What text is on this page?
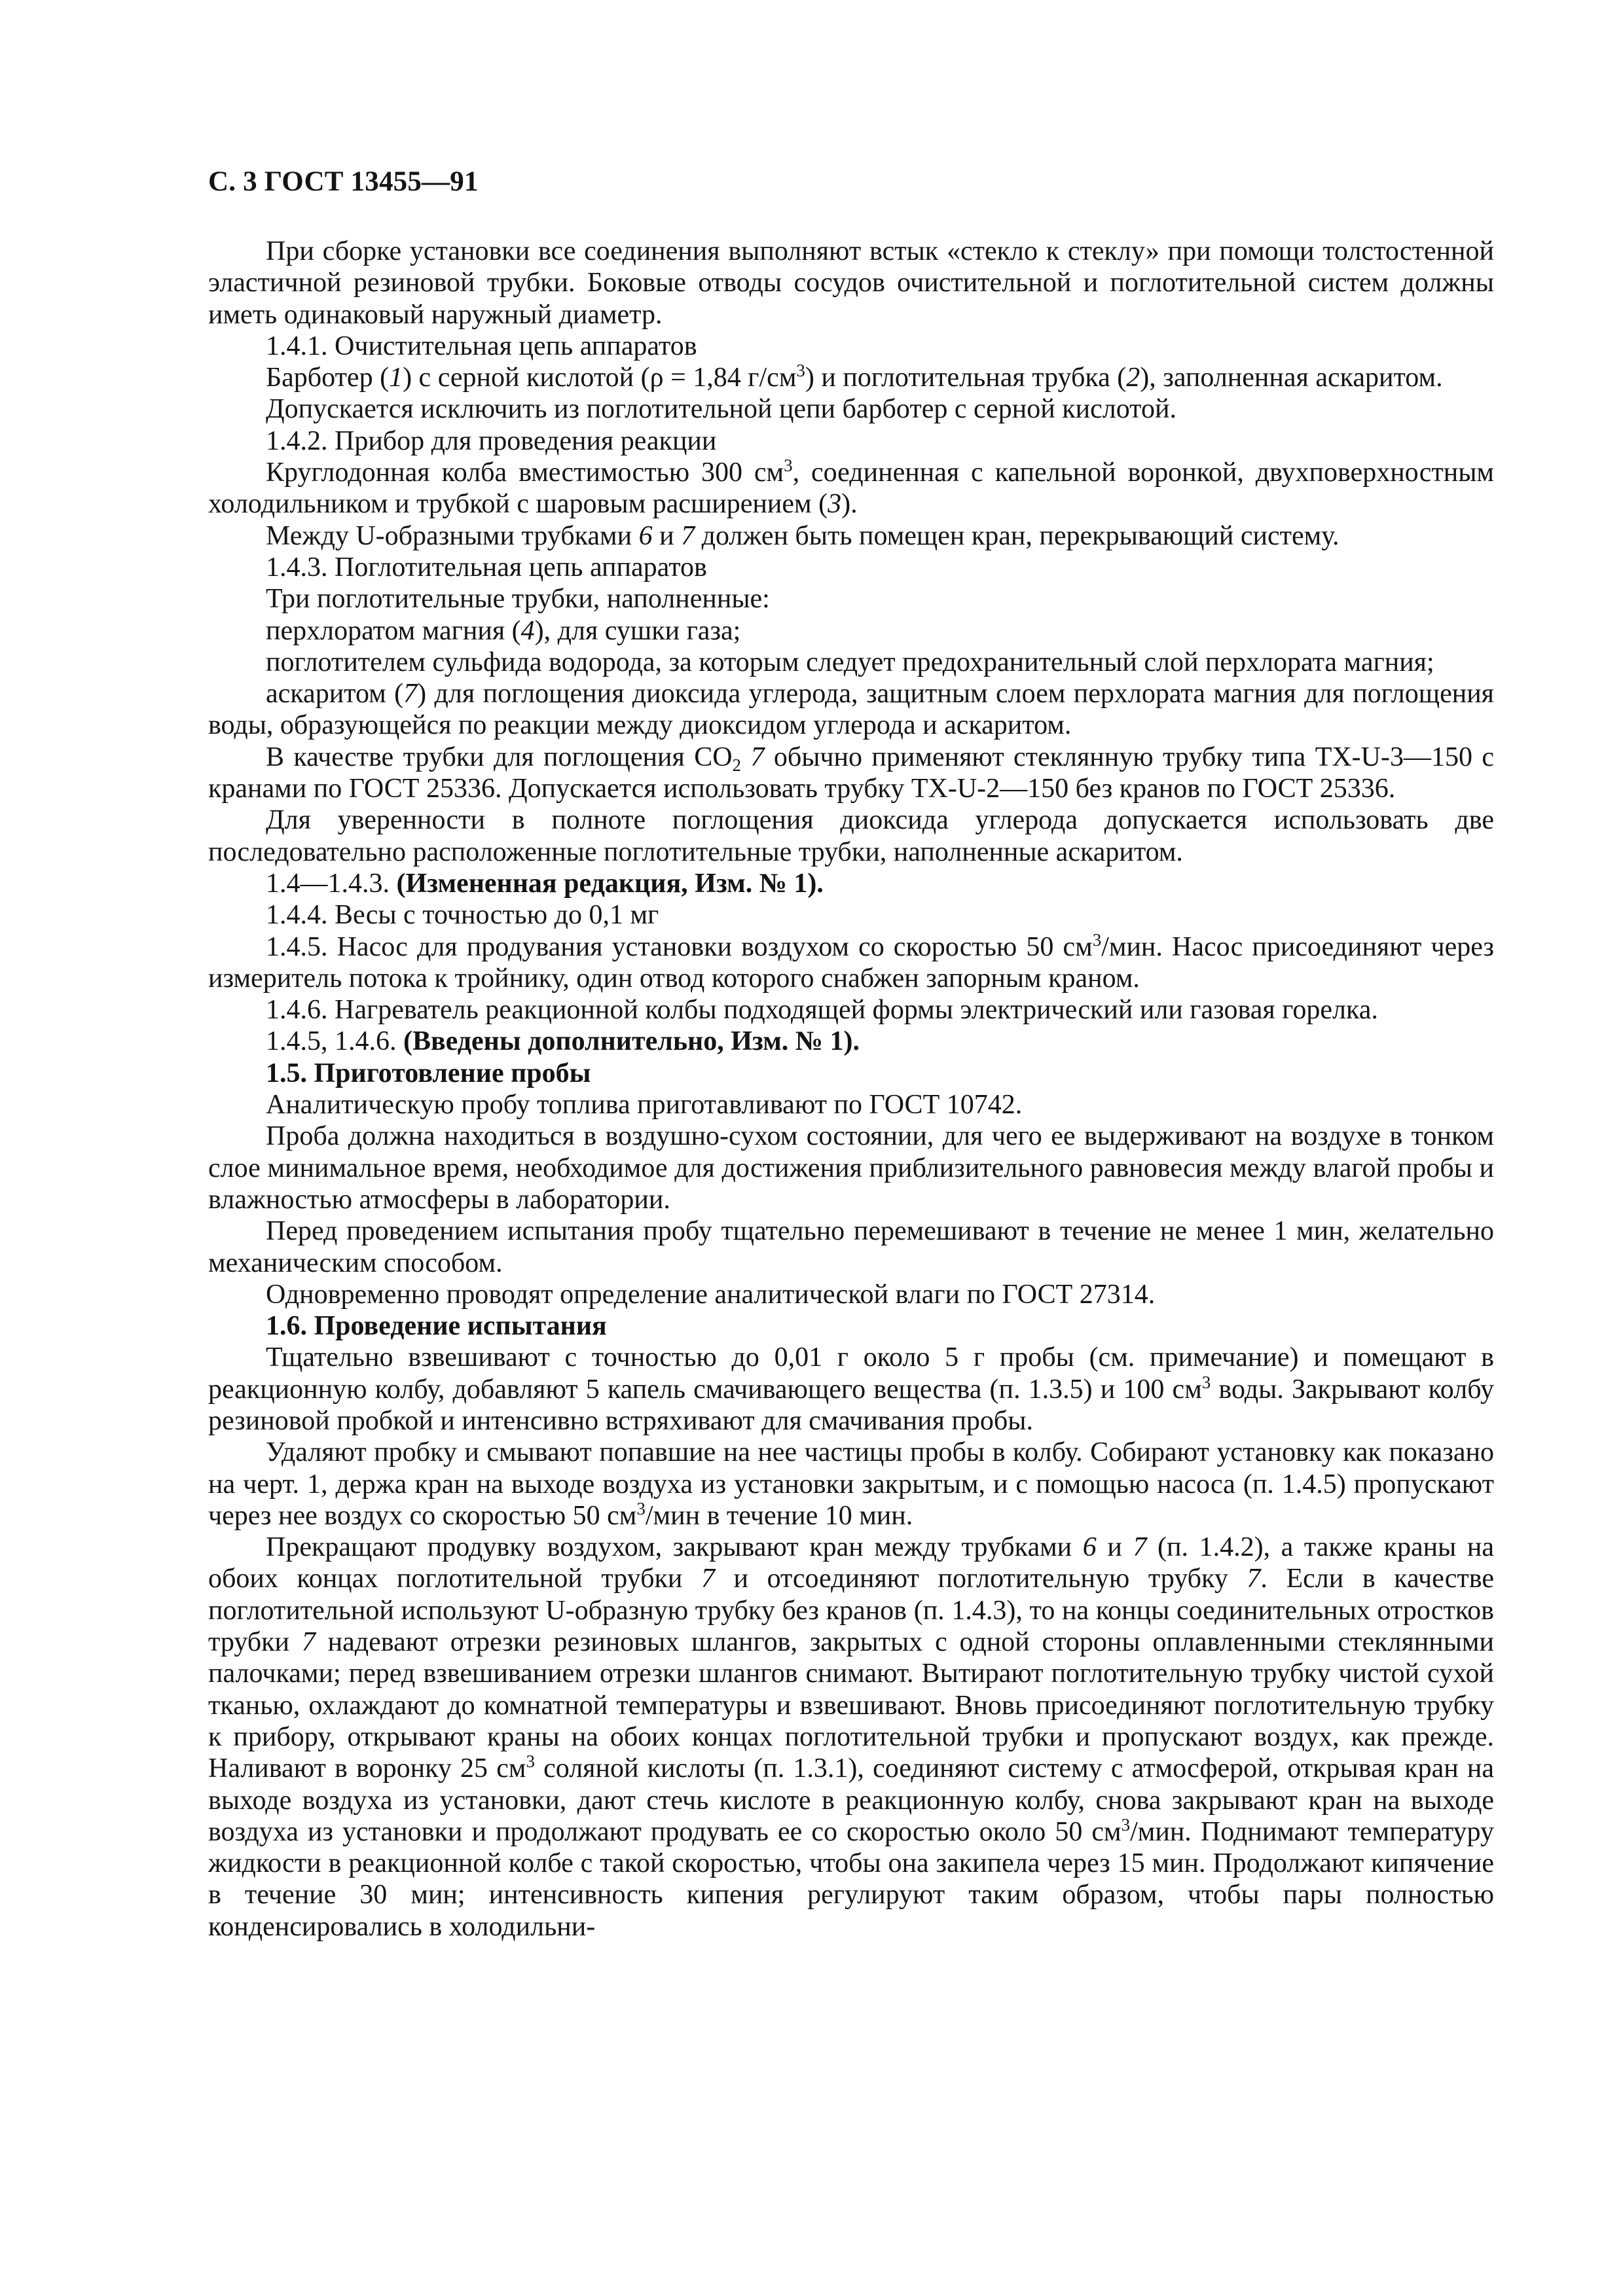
С. 3 ГОСТ 13455—91

При сборке установки все соединения выполняют встык «стекло к стеклу» при помощи толстостенной эластичной резиновой трубки. Боковые отводы сосудов очистительной и поглотительной систем должны иметь одинаковый наружный диаметр.

1.4.1. Очистительная цепь аппаратов

Барботер (1) с серной кислотой (ρ = 1,84 $г/см^3$) и поглотительная трубка (2), заполненная аскаритом.

Допускается исключить из поглотительной цепи барботер с серной кислотой.

1.4.2. Прибор для проведения реакции

Круглодонная колба вместимостью 300 $см^3$, соединенная с капельной воронкой, двухповерхностным холодильником и трубкой с шаровым расширением (3).

Между U-образными трубками 6 и 7 должен быть помещен кран, перекрывающий систему.

1.4.3. Поглотительная цепь аппаратов

Три поглотительные трубки, наполненные:

перхлоратом магния (4), для сушки газа;

поглотителем сульфида водорода, за которым следует предохранительный слой перхлората магния;

аскаритом (7) для поглощения диоксида углерода, защитным слоем перхлората магния для поглощения воды, образующейся по реакции между диоксидом углерода и аскаритом.

В качестве трубки для поглощения $CO_2$ 7 обычно применяют стеклянную трубку типа ТХ-U-3—150 с кранами по ГОСТ 25336. Допускается использовать трубку ТХ-U-2—150 без кранов по ГОСТ 25336.

Для уверенности в полноте поглощения диоксида углерода допускается использовать две последовательно расположенные поглотительные трубки, наполненные аскаритом.

1.4—1.4.3. (Измененная редакция, Изм. № 1).

1.4.4. Весы с точностью до 0,1 мг

1.4.5. Насос для продувания установки воздухом со скоростью 50 $см^3$/мин. Насос присоединяют через измеритель потока к тройнику, один отвод которого снабжен запорным краном.

1.4.6. Нагреватель реакционной колбы подходящей формы электрический или газовая горелка.

1.4.5, 1.4.6. (Введены дополнительно, Изм. № 1).

1.5. Приготовление пробы

Аналитическую пробу топлива приготавливают по ГОСТ 10742.

Проба должна находиться в воздушно-сухом состоянии, для чего ее выдерживают на воздухе в тонком слое минимальное время, необходимое для достижения приблизительного равновесия между влагой пробы и влажностью атмосферы в лаборатории.

Перед проведением испытания пробу тщательно перемешивают в течение не менее 1 мин, желательно механическим способом.

Одновременно проводят определение аналитической влаги по ГОСТ 27314.

1.6. Проведение испытания

Тщательно взвешивают с точностью до 0,01 г около 5 г пробы (см. примечание) и помещают в реакционную колбу, добавляют 5 капель смачивающего вещества (п. 1.3.5) и 100 $см^3$ воды. Закрывают колбу резиновой пробкой и интенсивно встряхивают для смачивания пробы.

Удаляют пробку и смывают попавшие на нее частицы пробы в колбу. Собирают установку как показано на черт. 1, держа кран на выходе воздуха из установки закрытым, и с помощью насоса (п. 1.4.5) пропускают через нее воздух со скоростью 50 $см^3$/мин в течение 10 мин.

Прекращают продувку воздухом, закрывают кран между трубками 6 и 7 (п. 1.4.2), а также краны на обоих концах поглотительной трубки 7 и отсоединяют поглотительную трубку 7. Если в качестве поглотительной используют U-образную трубку без кранов (п. 1.4.3), то на концы соединительных отростков трубки 7 надевают отрезки резиновых шлангов, закрытых с одной стороны оплавленными стеклянными палочками; перед взвешиванием отрезки шлангов снимают. Вытирают поглотительную трубку чистой сухой тканью, охлаждают до комнатной температуры и взвешивают. Вновь присоединяют поглотительную трубку к прибору, открывают краны на обоих концах поглотительной трубки и пропускают воздух, как прежде. Наливают в воронку 25 $см^3$ соляной кислоты (п. 1.3.1), соединяют систему с атмосферой, открывая кран на выходе воздуха из установки, дают стечь кислоте в реакционную колбу, снова закрывают кран на выходе воздуха из установки и продолжают продувать ее со скоростью около 50 $см^3$/мин. Поднимают температуру жидкости в реакционной колбе с такой скоростью, чтобы она закипела через 15 мин. Продолжают кипячение в течение 30 мин; интенсивность кипения регулируют таким образом, чтобы пары полностью конденсировались в холодильни-
